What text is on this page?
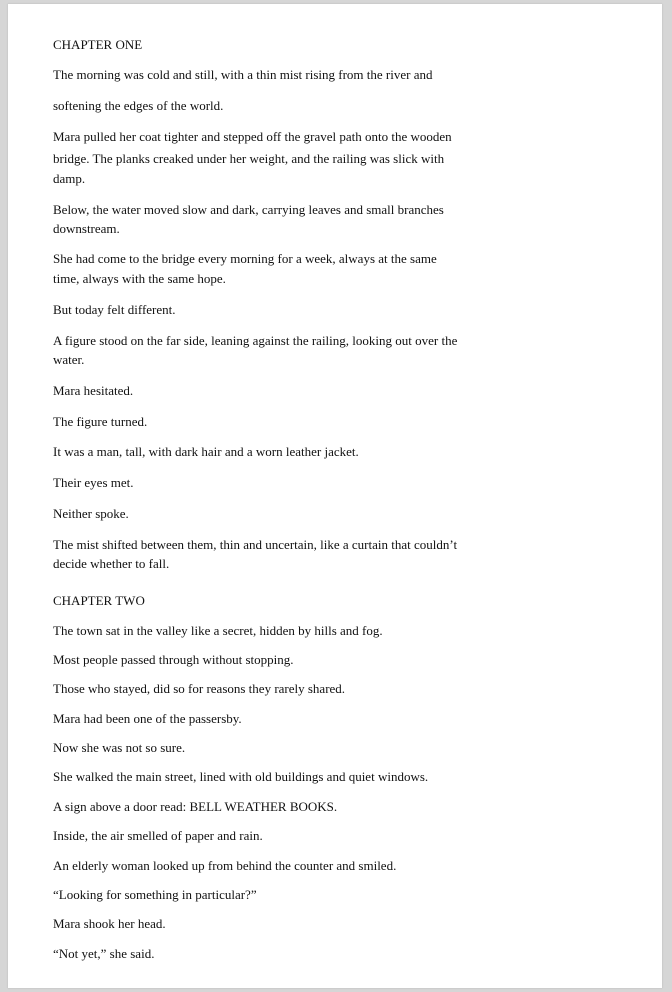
CHAPTER ONE
The morning was cold and still, with a thin mist rising from the river and
softening the edges of the world.
Mara pulled her coat tighter and stepped off the gravel path onto the wooden
bridge. The planks creaked under her weight, and the railing was slick with
damp.
Below, the water moved slow and dark, carrying leaves and small branches
downstream.
She had come to the bridge every morning for a week, always at the same
time, always with the same hope.
But today felt different.
A figure stood on the far side, leaning against the railing, looking out over the
water.
Mara hesitated.
The figure turned.
It was a man, tall, with dark hair and a worn leather jacket.
Their eyes met.
Neither spoke.
The mist shifted between them, thin and uncertain, like a curtain that couldn’t
decide whether to fall.
CHAPTER TWO
The town sat in the valley like a secret, hidden by hills and fog.
Most people passed through without stopping.
Those who stayed, did so for reasons they rarely shared.
Mara had been one of the passersby.
Now she was not so sure.
She walked the main street, lined with old buildings and quiet windows.
A sign above a door read: BELL WEATHER BOOKS.
Inside, the air smelled of paper and rain.
An elderly woman looked up from behind the counter and smiled.
“Looking for something in particular?”
Mara shook her head.
“Not yet,” she said.
